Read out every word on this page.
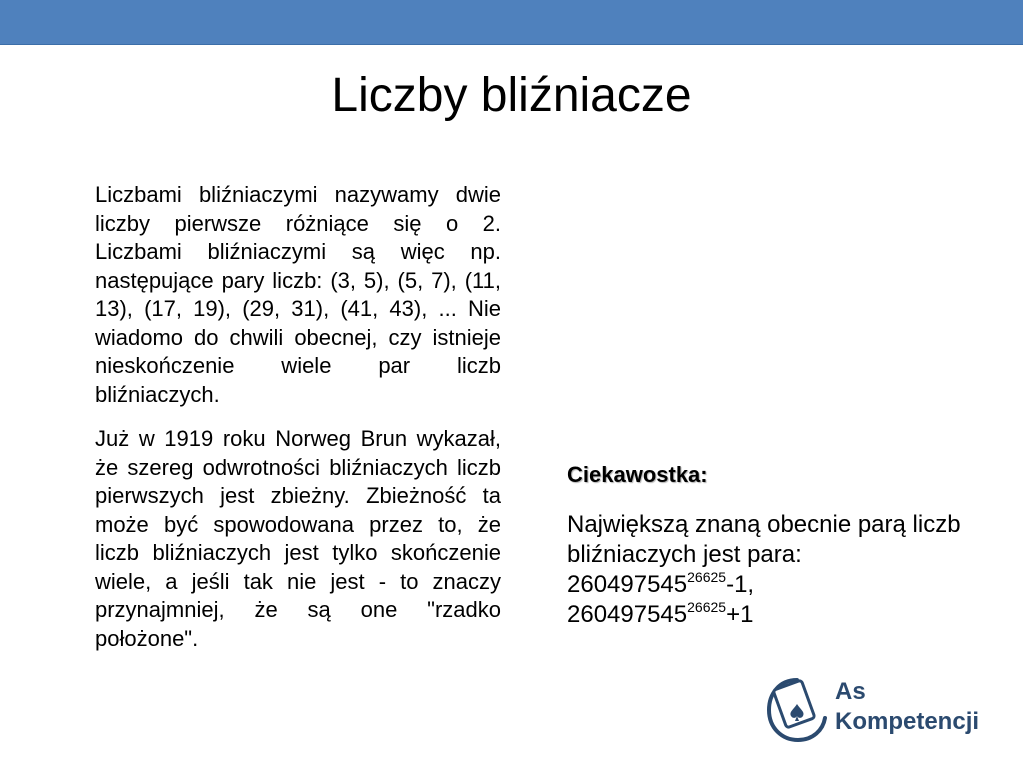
Liczby bliźniacze

Liczbami bliźniaczymi nazywamy dwie liczby pierwsze różniące się o 2. Liczbami bliźniaczymi są więc np. następujące pary liczb: (3, 5), (5, 7), (11, 13), (17, 19), (29, 31), (41, 43), ... Nie wiadomo do chwili obecnej, czy istnieje nieskończenie wiele par liczb bliźniaczych.

Już w 1919 roku Norweg Brun wykazał, że szereg odwrotności bliźniaczych liczb pierwszych jest zbieżny. Zbieżność ta może być spowodowana przez to, że liczb bliźniaczych jest tylko skończenie wiele, a jeśli tak nie jest - to znaczy przynajmniej, że są one "rzadko położone".

Ciekawostka:

Największą znaną obecnie parą liczb bliźniaczych jest para:
$260497545^{26625}-1$,
$260497545^{26625}+1$

As
Kompetencji
